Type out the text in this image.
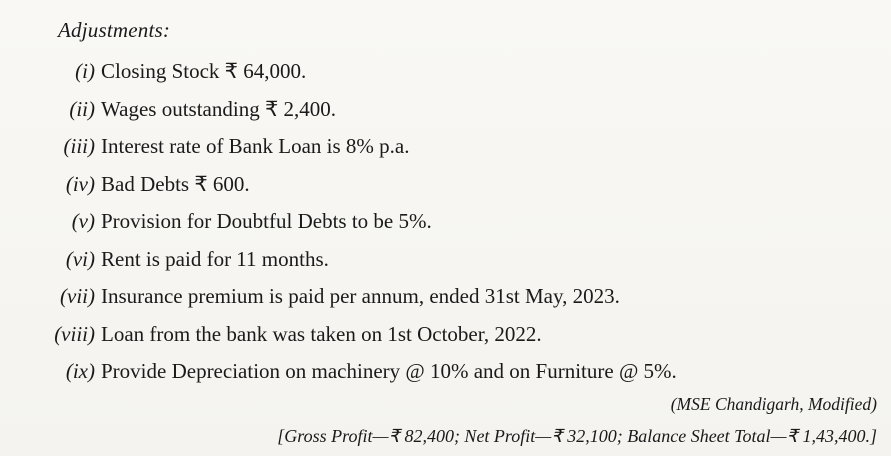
Adjustments:
(i) Closing Stock ₹ 64,000.
(ii) Wages outstanding ₹ 2,400.
(iii) Interest rate of Bank Loan is 8% p.a.
(iv) Bad Debts ₹ 600.
(v) Provision for Doubtful Debts to be 5%.
(vi) Rent is paid for 11 months.
(vii) Insurance premium is paid per annum, ended 31st May, 2023.
(viii) Loan from the bank was taken on 1st October, 2022.
(ix) Provide Depreciation on machinery @ 10% and on Furniture @ 5%.
(MSE Chandigarh, Modified)
[Gross Profit—₹ 82,400; Net Profit—₹ 32,100; Balance Sheet Total—₹ 1,43,400.]
